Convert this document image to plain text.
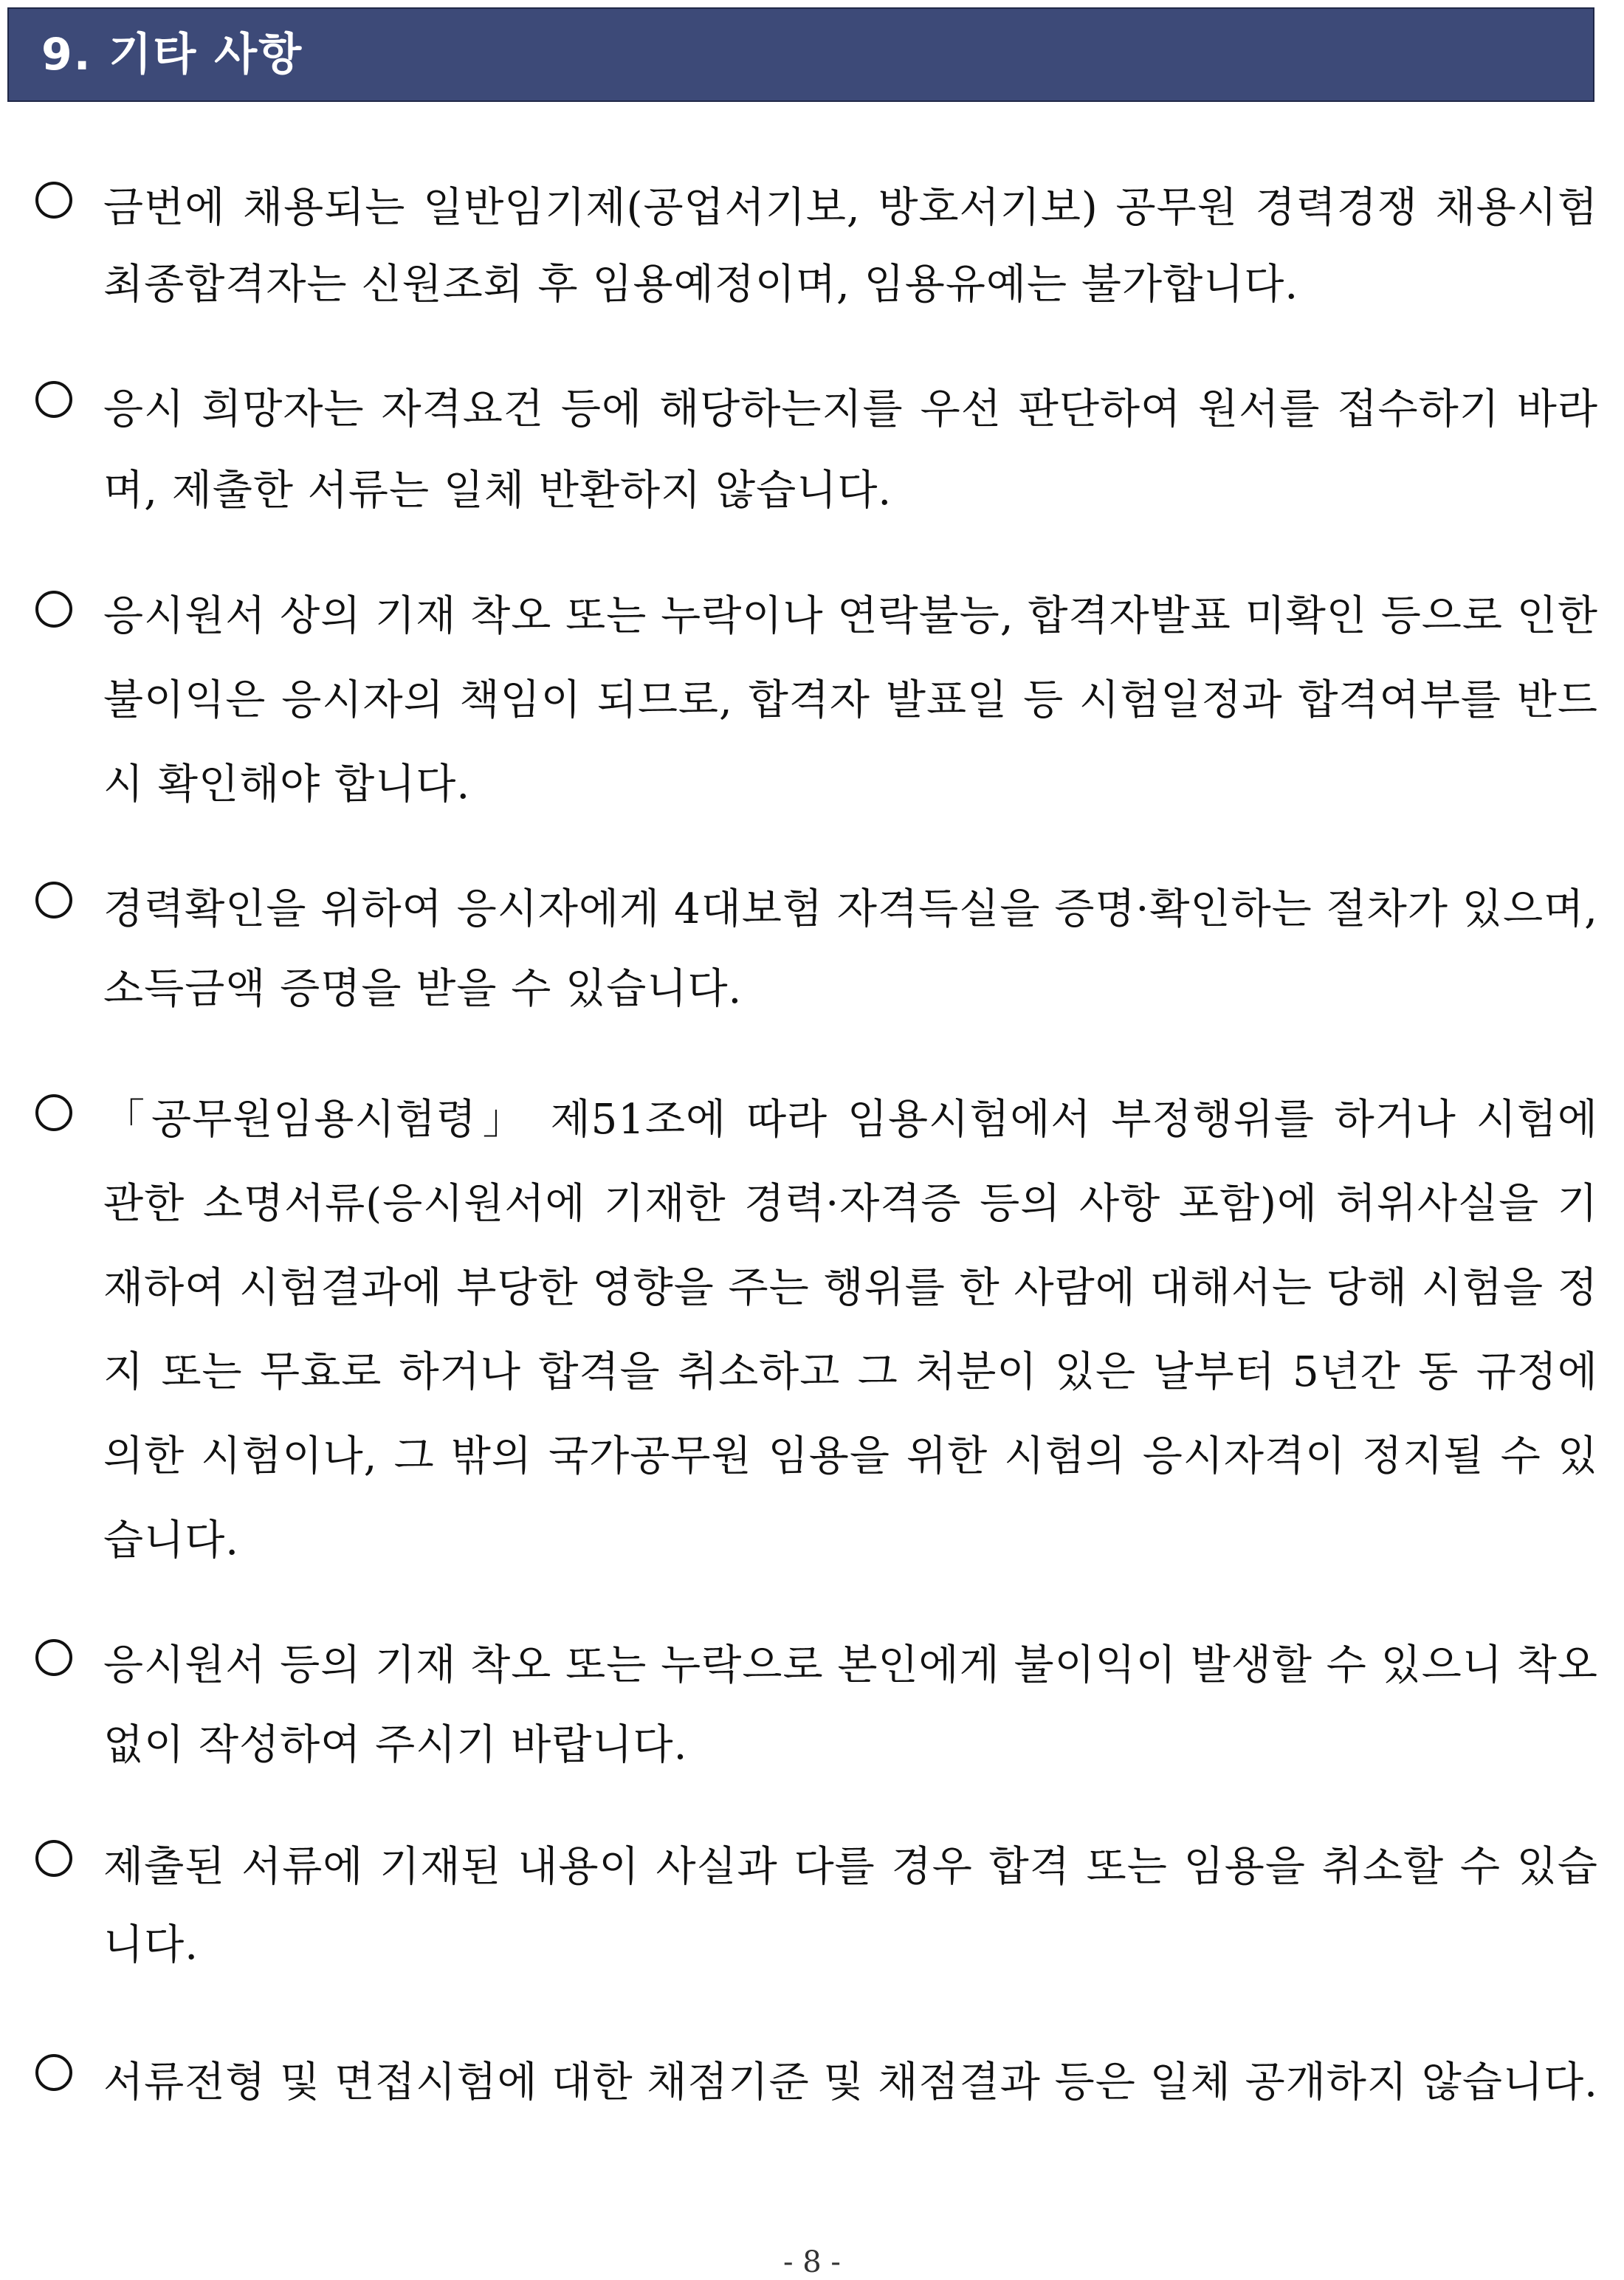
9. 기타 사항

금번에 채용되는 일반임기제(공업서기보, 방호서기보) 공무원 경력경쟁 채용시험 최종합격자는 신원조회 후 임용예정이며, 임용유예는 불가합니다.

응시 희망자는 자격요건 등에 해당하는지를 우선 판단하여 원서를 접수하기 바라며, 제출한 서류는 일체 반환하지 않습니다.

응시원서 상의 기재 착오 또는 누락이나 연락불능, 합격자발표 미확인 등으로 인한 불이익은 응시자의 책임이 되므로, 합격자 발표일 등 시험일정과 합격여부를 반드시 확인해야 합니다.

경력확인을 위하여 응시자에게 4대보험 자격득실을 증명·확인하는 절차가 있으며, 소득금액 증명을 받을 수 있습니다.

「공무원임용시험령」 제51조에 따라 임용시험에서 부정행위를 하거나 시험에 관한 소명서류(응시원서에 기재한 경력·자격증 등의 사항 포함)에 허위사실을 기재하여 시험결과에 부당한 영향을 주는 행위를 한 사람에 대해서는 당해 시험을 정지 또는 무효로 하거나 합격을 취소하고 그 처분이 있은 날부터 5년간 동 규정에 의한 시험이나, 그 밖의 국가공무원 임용을 위한 시험의 응시자격이 정지될 수 있습니다.

응시원서 등의 기재 착오 또는 누락으로 본인에게 불이익이 발생할 수 있으니 착오 없이 작성하여 주시기 바랍니다.

제출된 서류에 기재된 내용이 사실과 다를 경우 합격 또는 임용을 취소할 수 있습니다.

서류전형 및 면접시험에 대한 채점기준 및 채점결과 등은 일체 공개하지 않습니다.

- 8 -
